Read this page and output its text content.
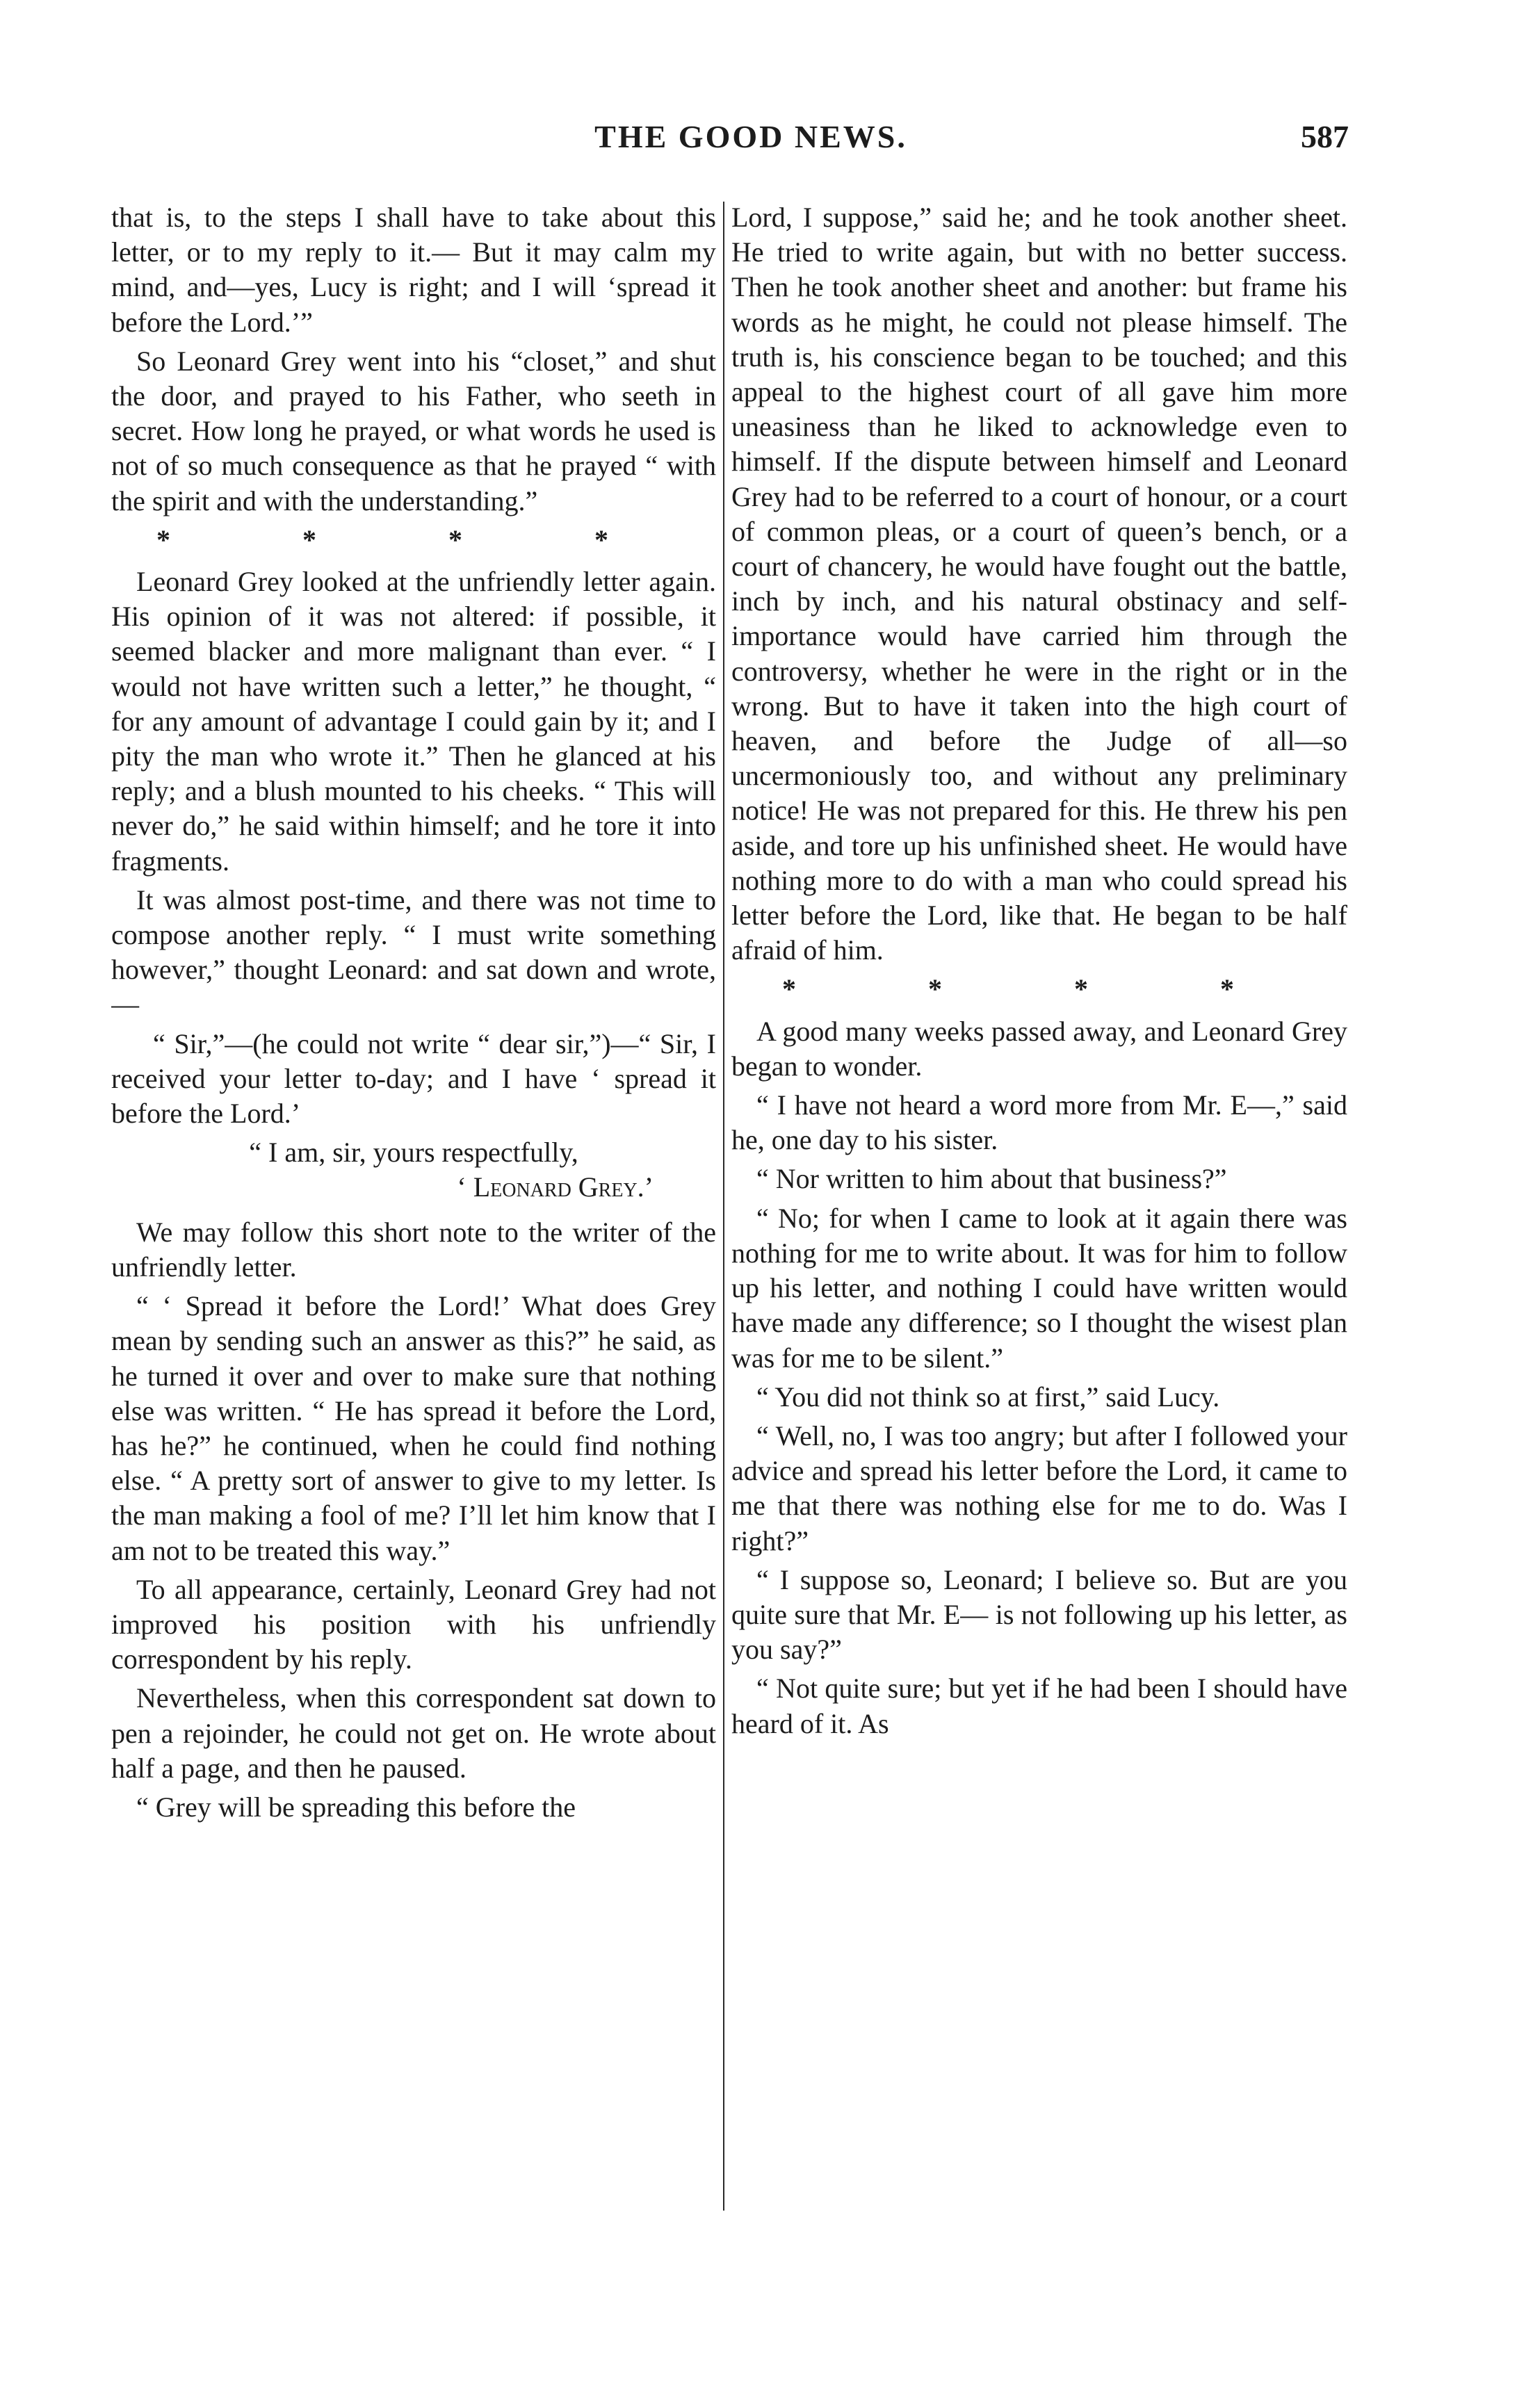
THE GOOD NEWS.	587

that is, to the steps I shall have to take about this letter, or to my reply to it.— But it may calm my mind, and—yes, Lucy is right; and I will ‘spread it before the Lord.’”

So Leonard Grey went into his “closet,” and shut the door, and prayed to his Father, who seeth in secret. How long he prayed, or what words he used is not of so much consequence as that he prayed “ with the spirit and with the understanding.”

* * * *

Leonard Grey looked at the unfriendly letter again. His opinion of it was not altered: if possible, it seemed blacker and more malignant than ever. “ I would not have written such a letter,” he thought, “ for any amount of advantage I could gain by it; and I pity the man who wrote it.” Then he glanced at his reply; and a blush mounted to his cheeks. “ This will never do,” he said within himself; and he tore it into fragments.

It was almost post-time, and there was not time to compose another reply. “ I must write something however,” thought Leonard: and sat down and wrote,—

“ Sir,”—(he could not write “ dear sir,”)—“ Sir, I received your letter to-day; and I have ‘ spread it before the Lord.’

“ I am, sir, yours respectfully,

‘ Leonard Grey.’

We may follow this short note to the writer of the unfriendly letter.

“ ‘ Spread it before the Lord!’ What does Grey mean by sending such an answer as this?” he said, as he turned it over and over to make sure that nothing else was written. “ He has spread it before the Lord, has he?” he continued, when he could find nothing else. “ A pretty sort of answer to give to my letter. Is the man making a fool of me? I’ll let him know that I am not to be treated this way.”

To all appearance, certainly, Leonard Grey had not improved his position with his unfriendly correspondent by his reply.

Nevertheless, when this correspondent sat down to pen a rejoinder, he could not get on. He wrote about half a page, and then he paused.

“ Grey will be spreading this before the

Lord, I suppose,” said he; and he took another sheet. He tried to write again, but with no better success. Then he took another sheet and another: but frame his words as he might, he could not please himself. The truth is, his conscience began to be touched; and this appeal to the highest court of all gave him more uneasiness than he liked to acknowledge even to himself. If the dispute between himself and Leonard Grey had to be referred to a court of honour, or a court of common pleas, or a court of queen’s bench, or a court of chancery, he would have fought out the battle, inch by inch, and his natural obstinacy and self-importance would have carried him through the controversy, whether he were in the right or in the wrong. But to have it taken into the high court of heaven, and before the Judge of all—so uncermoniously too, and without any preliminary notice! He was not prepared for this. He threw his pen aside, and tore up his unfinished sheet. He would have nothing more to do with a man who could spread his letter before the Lord, like that. He began to be half afraid of him.

* * * *

A good many weeks passed away, and Leonard Grey began to wonder.

“ I have not heard a word more from Mr. E—,” said he, one day to his sister.

“ Nor written to him about that business?”

“ No; for when I came to look at it again there was nothing for me to write about. It was for him to follow up his letter, and nothing I could have written would have made any difference; so I thought the wisest plan was for me to be silent.”

“ You did not think so at first,” said Lucy.

“ Well, no, I was too angry; but after I followed your advice and spread his letter before the Lord, it came to me that there was nothing else for me to do. Was I right?”

“ I suppose so, Leonard; I believe so. But are you quite sure that Mr. E— is not following up his letter, as you say?”

“ Not quite sure; but yet if he had been I should have heard of it. As
